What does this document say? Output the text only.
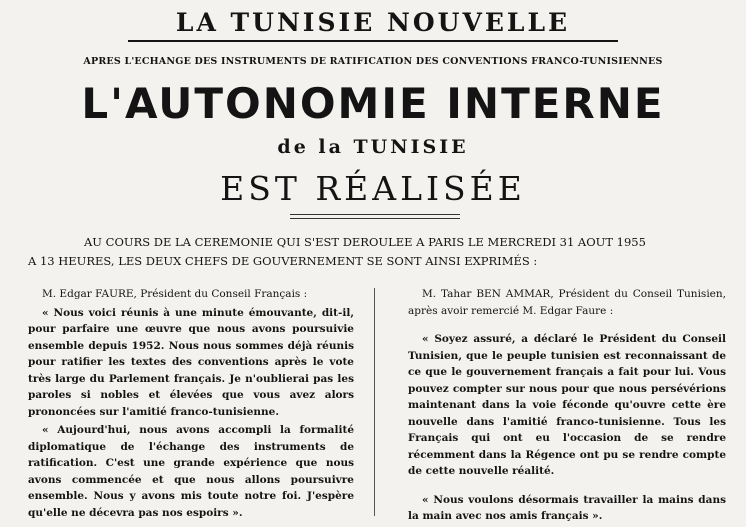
LA TUNISIE NOUVELLE
APRES L'ECHANGE DES INSTRUMENTS DE RATIFICATION DES CONVENTIONS FRANCO-TUNISIENNES
L'AUTONOMIE INTERNE
de la TUNISIE
EST RÉALISÉE

AU COURS DE LA CEREMONIE QUI S'EST DEROULEE A PARIS LE MERCREDI 31 AOUT 1955

A 13 HEURES, LES DEUX CHEFS DE GOUVERNEMENT SE SONT AINSI EXPRIMÉS :

M. Edgar FAURE, Président du Conseil Français :

« Nous voici réunis à une minute émouvante, dit-il, pour parfaire une œuvre que nous avons poursuivie ensemble depuis 1952. Nous nous sommes déjà réunis pour ratifier les textes des conventions après le vote très large du Parlement français. Je n'oublierai pas les paroles si nobles et élevées que vous avez alors prononcées sur l'amitié franco-tunisienne.

« Aujourd'hui, nous avons accompli la formalité diplomatique de l'échange des instruments de ratification. C'est une grande expérience que nous avons commencée et que nous allons poursuivre ensemble. Nous y avons mis toute notre foi. J'espère qu'elle ne décevra pas nos espoirs ».

M. Tahar BEN AMMAR, Président du Conseil Tunisien, après avoir remercié M. Edgar Faure :

« Soyez assuré, a déclaré le Président du Conseil Tunisien, que le peuple tunisien est reconnaissant de ce que le gouvernement français a fait pour lui. Vous pouvez compter sur nous pour que nous persévérions maintenant dans la voie féconde qu'ouvre cette ère nouvelle dans l'amitié franco-tunisienne. Tous les Français qui ont eu l'occasion de se rendre récemment dans la Régence ont pu se rendre compte de cette nouvelle réalité.

« Nous voulons désormais travailler la mains dans la main avec nos amis français ».
